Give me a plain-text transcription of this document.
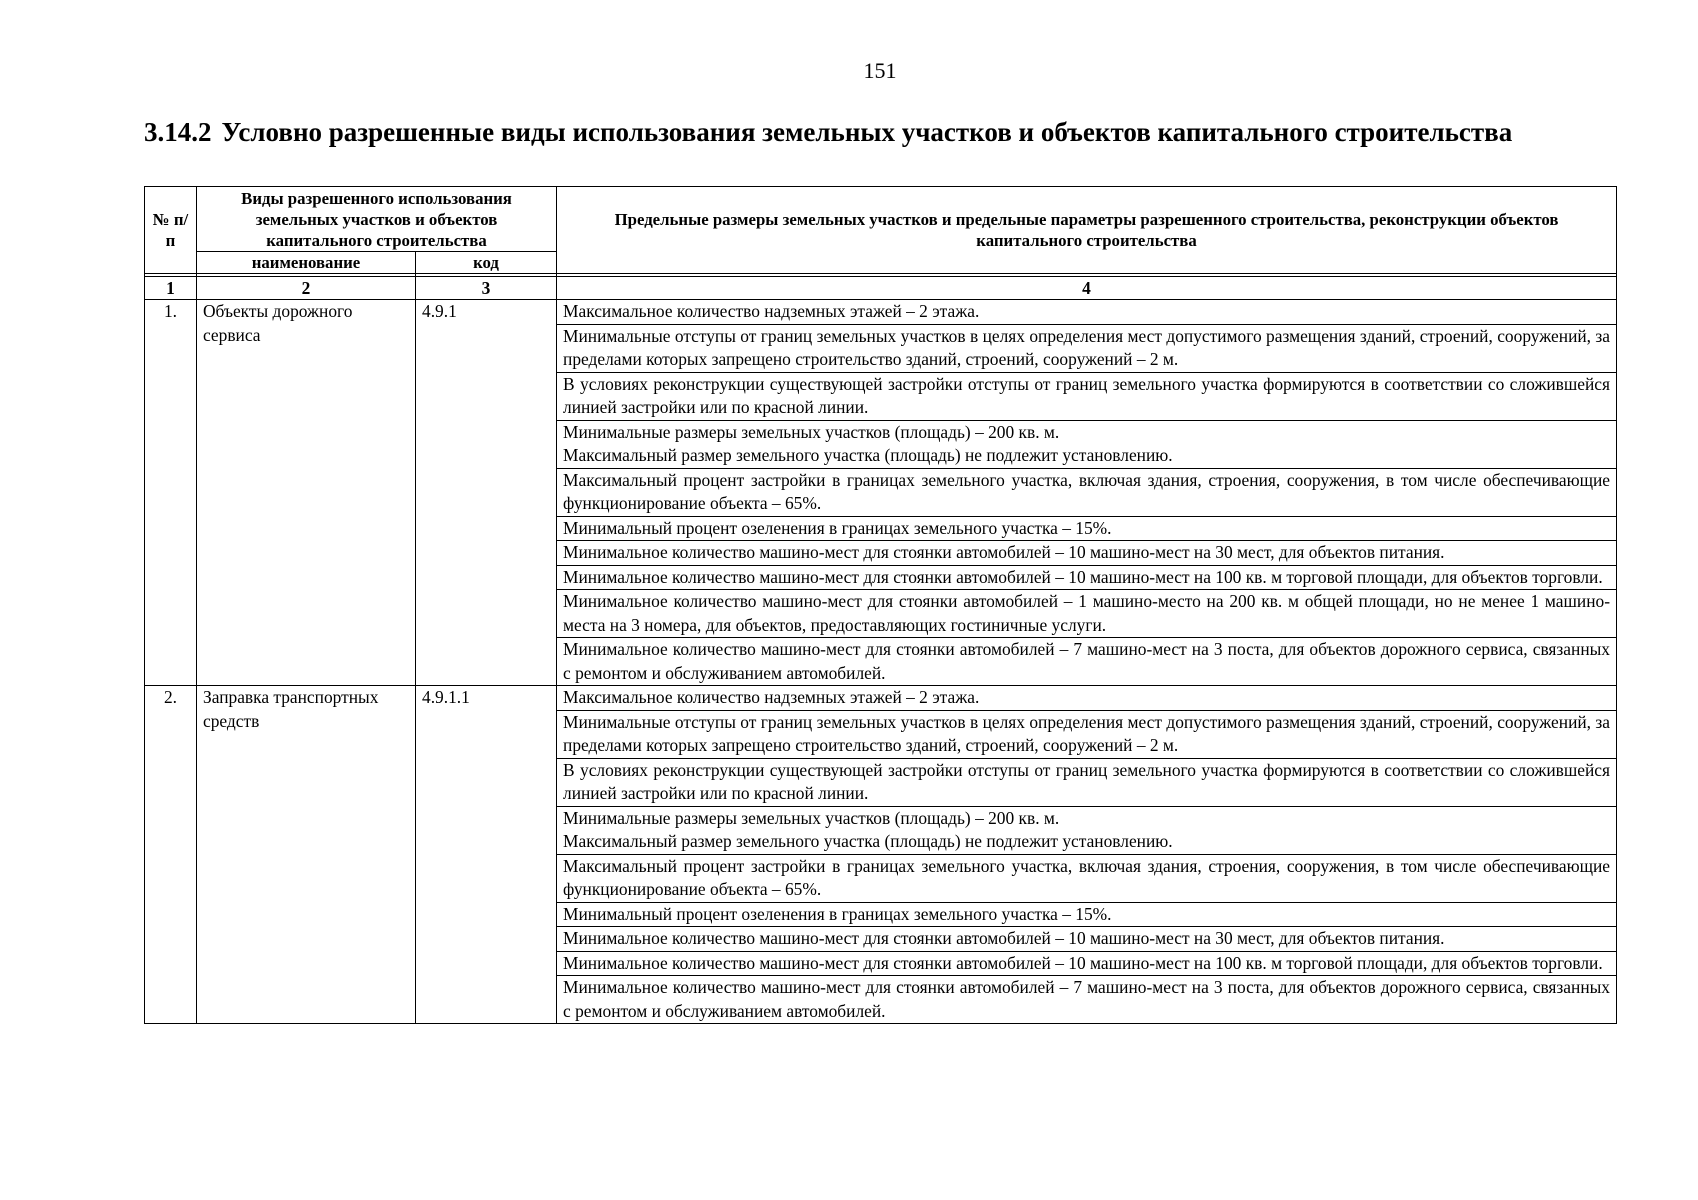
151
3.14.2 Условно разрешенные виды использования земельных участков и объектов капитального строительства
№ п/п	Виды разрешенного использования земельных участков и объектов капитального строительства		Предельные размеры земельных участков и предельные параметры разрешенного строительства, реконструкции объектов капитального строительства
	наименование	код	

1	2	3	4
1.	Объекты дорожного сервиса	4.9.1	Максимальное количество надземных этажей – 2 этажа.
			Минимальные отступы от границ земельных участков в целях определения мест допустимого размещения зданий, строений, сооружений, за пределами которых запрещено строительство зданий, строений, сооружений – 2 м.
			В условиях реконструкции существующей застройки отступы от границ земельного участка формируются в соответствии со сложившейся линией застройки или по красной линии.

			Минимальные размеры земельных участков (площадь) – 200 кв. м.
Максимальный размер земельного участка (площадь) не подлежит установлению.

			Максимальный процент застройки в границах земельного участка, включая здания, строения, сооружения, в том числе обеспечивающие функционирование объекта – 65%.
			Минимальный процент озеленения в границах земельного участка – 15%.
			Минимальное количество машино-мест для стоянки автомобилей – 10 машино-мест на 30 мест, для объектов питания.
			Минимальное количество машино-мест для стоянки автомобилей – 10 машино-мест на 100 кв. м торговой площади, для объектов торговли.
			Минимальное количество машино-мест для стоянки автомобилей – 1 машино-место на 200 кв. м общей площади, но не менее 1 машино-места на 3 номера, для объектов, предоставляющих гостиничные услуги.
			Минимальное количество машино-мест для стоянки автомобилей – 7 машино-мест на 3 поста, для объектов дорожного сервиса, связанных с ремонтом и обслуживанием автомобилей.
2.	Заправка транспортных средств	4.9.1.1	Максимальное количество надземных этажей – 2 этажа.
			Минимальные отступы от границ земельных участков в целях определения мест допустимого размещения зданий, строений, сооружений, за пределами которых запрещено строительство зданий, строений, сооружений – 2 м.
			В условиях реконструкции существующей застройки отступы от границ земельного участка формируются в соответствии со сложившейся линией застройки или по красной линии.

			Минимальные размеры земельных участков (площадь) – 200 кв. м.
Максимальный размер земельного участка (площадь) не подлежит установлению.

			Максимальный процент застройки в границах земельного участка, включая здания, строения, сооружения, в том числе обеспечивающие функционирование объекта – 65%.
			Минимальный процент озеленения в границах земельного участка – 15%.
			Минимальное количество машино-мест для стоянки автомобилей – 10 машино-мест на 30 мест, для объектов питания.
			Минимальное количество машино-мест для стоянки автомобилей – 10 машино-мест на 100 кв. м торговой площади, для объектов торговли.
			Минимальное количество машино-мест для стоянки автомобилей – 7 машино-мест на 3 поста, для объектов дорожного сервиса, связанных с ремонтом и обслуживанием автомобилей.
